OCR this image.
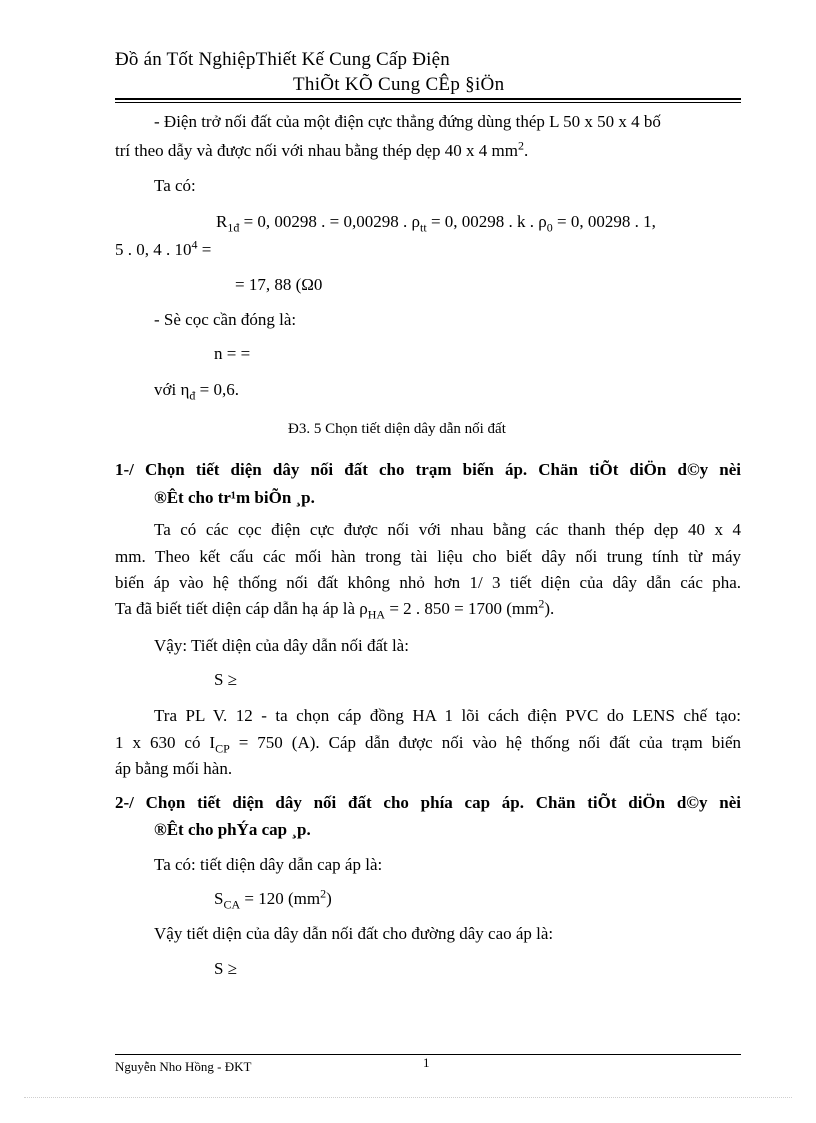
Đồ án Tốt NghiệpThiết Kế Cung Cấp Điện
ThiÕt KÕ Cung CÊp §iÖn
- Điện trở nối đất của một điện cực thẳng đứng dùng thép L 50 x 50 x 4 bố
trí theo dẫy và được nối với nhau bằng thép dẹp 40 x 4 $mm^2$.
Ta có:
$R_{1đ} = 0$, 00298 . = 0,00298 . $\rho_{tt} = 0$, 00298 . k . $\rho_0 = 0$, 00298 . 1,
5 . 0, 4 . $10^4$ =
= 17, 88 (Ω0
- Sè cọc cần đóng là:
n = =
với $\eta_đ = 0,6$.
Đ3. 5 Chọn tiết diện dây dẫn nối đất
1-/ Chọn tiết diện dây nối đất cho trạm biến áp. Chän tiÕt diÖn d©y nèi
®Êt cho tr¹m biÕn ¸p.
Ta có các cọc điện cực được nối với nhau bằng các thanh thép dẹp 40 x 4
mm. Theo kết cấu các mối hàn trong tài liệu cho biết dây nối trung tính từ máy
biến áp vào hệ thống nối đất không nhỏ hơn 1/ 3 tiết diện của dây dẫn các pha.
Ta đã biết tiết diện cáp dẫn hạ áp là $\rho_{HA} = 2$ . 850 = 1700 $(mm^2)$.
Vậy: Tiết diện của dây dẫn nối đất là:
S ≥
Tra PL V. 12 - ta chọn cáp đồng HA 1 lõi cách điện PVC do LENS chế tạo:
1 x 630 có $I_{CP} = 750$ (A). Cáp dẫn được nối vào hệ thống nối đất của trạm biến
áp bằng mối hàn.
2-/ Chọn tiết diện dây nối đất cho phía cap áp. Chän tiÕt diÖn d©y nèi
®Êt cho phÝa cap ¸p.
Ta có: tiết diện dây dẫn cap áp là:
$S_{CA} = 120$ $(mm^2)$
Vậy tiết diện của dây dẫn nối đất cho đường dây cao áp là:
S ≥
Nguyễn Nho Hồng - ĐKT	1
